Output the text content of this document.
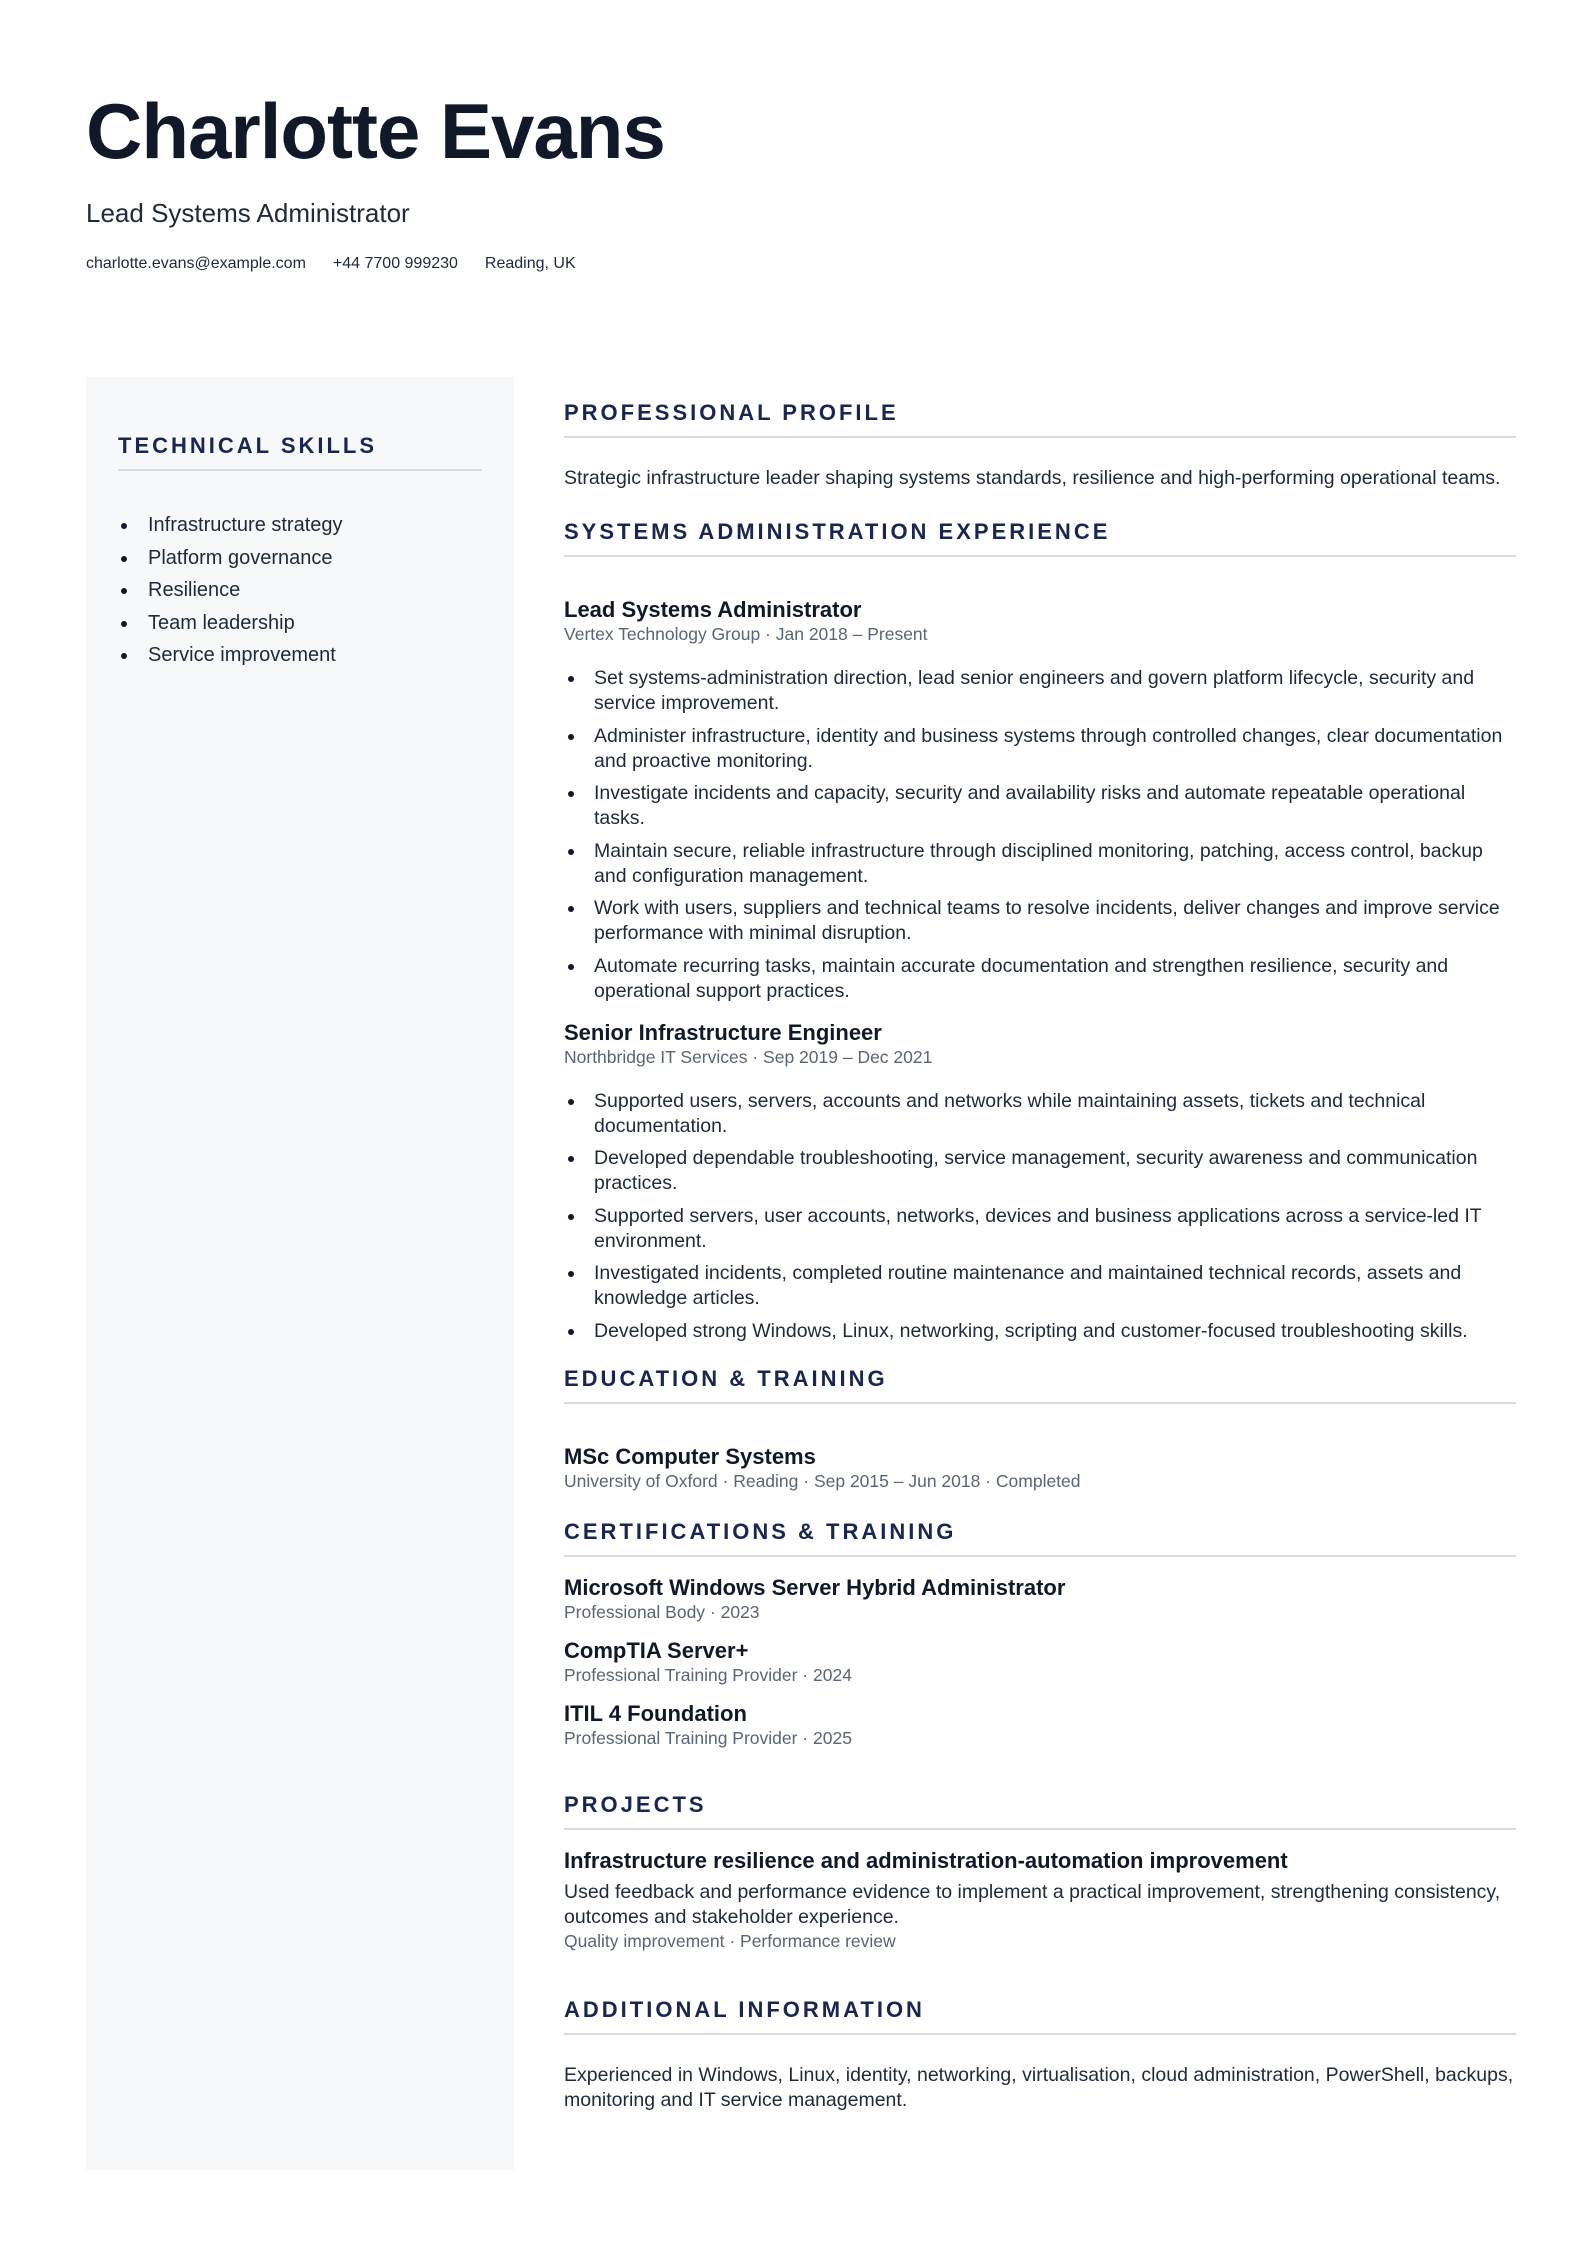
Charlotte Evans
Lead Systems Administrator
charlotte.evans@example.com +44 7700 999230 Reading, UK
TECHNICAL SKILLS
Infrastructure strategy
Platform governance
Resilience
Team leadership
Service improvement
PROFESSIONAL PROFILE

Strategic infrastructure leader shaping systems standards, resilience and high-performing operational teams.

SYSTEMS ADMINISTRATION EXPERIENCE

Lead Systems Administrator

Vertex Technology Group · Jan 2018 – Present

Set systems-administration direction, lead senior engineers and govern platform lifecycle, security and service improvement.
Administer infrastructure, identity and business systems through controlled changes, clear documentation and proactive monitoring.
Investigate incidents and capacity, security and availability risks and automate repeatable operational tasks.
Maintain secure, reliable infrastructure through disciplined monitoring, patching, access control, backup and configuration management.
Work with users, suppliers and technical teams to resolve incidents, deliver changes and improve service performance with minimal disruption.
Automate recurring tasks, maintain accurate documentation and strengthen resilience, security and operational support practices.

Senior Infrastructure Engineer

Northbridge IT Services · Sep 2019 – Dec 2021

Supported users, servers, accounts and networks while maintaining assets, tickets and technical documentation.
Developed dependable troubleshooting, service management, security awareness and communication practices.
Supported servers, user accounts, networks, devices and business applications across a service-led IT environment.
Investigated incidents, completed routine maintenance and maintained technical records, assets and knowledge articles.
Developed strong Windows, Linux, networking, scripting and customer-focused troubleshooting skills.
EDUCATION & TRAINING

MSc Computer Systems

University of Oxford · Reading · Sep 2015 – Jun 2018 · Completed

CERTIFICATIONS & TRAINING

Microsoft Windows Server Hybrid Administrator

Professional Body · 2023

CompTIA Server+

Professional Training Provider · 2024

ITIL 4 Foundation

Professional Training Provider · 2025

PROJECTS

Infrastructure resilience and administration-automation improvement

Used feedback and performance evidence to implement a practical improvement, strengthening consistency, outcomes and stakeholder experience.

Quality improvement · Performance review

ADDITIONAL INFORMATION

Experienced in Windows, Linux, identity, networking, virtualisation, cloud administration, PowerShell, backups, monitoring and IT service management.
